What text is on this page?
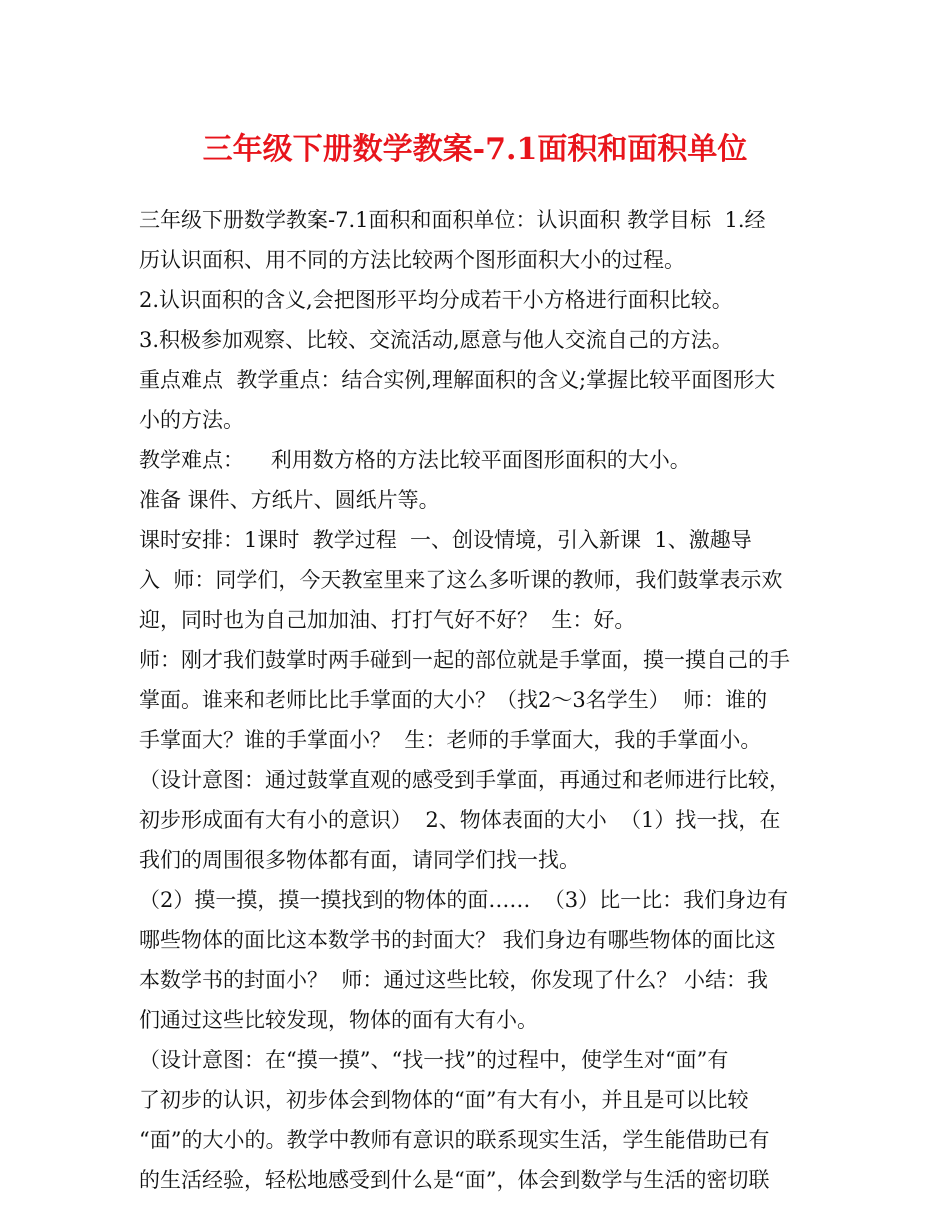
三年级下册数学教案-7.1面积和面积单位
三年级下册数学教案-7.1面积和面积单位：认识面积 教学目标  1.经
历认识面积、用不同的方法比较两个图形面积大小的过程。
2.认识面积的含义,会把图形平均分成若干小方格进行面积比较。
3.积极参加观察、比较、交流活动,愿意与他人交流自己的方法。
重点难点  教学重点：结合实例,理解面积的含义;掌握比较平面图形大
小的方法。
教学难点：    利用数方格的方法比较平面图形面积的大小。
准备 课件、方纸片、圆纸片等。
课时安排：1课时  教学过程  一、创设情境，引入新课  1、激趣导
入  师：同学们，今天教室里来了这么多听课的教师，我们鼓掌表示欢
迎，同时也为自己加加油、打打气好不好？  生：好。
师：刚才我们鼓掌时两手碰到一起的部位就是手掌面，摸一摸自己的手
掌面。谁来和老师比比手掌面的大小？（找2～3名学生）  师：谁的
手掌面大？谁的手掌面小？  生：老师的手掌面大，我的手掌面小。
（设计意图：通过鼓掌直观的感受到手掌面，再通过和老师进行比较，
初步形成面有大有小的意识）  2、物体表面的大小  （1）找一找，在
我们的周围很多物体都有面，请同学们找一找。
（2）摸一摸，摸一摸找到的物体的面……  （3）比一比：我们身边有
哪些物体的面比这本数学书的封面大？ 我们身边有哪些物体的面比这
本数学书的封面小？  师：通过这些比较，你发现了什么？ 小结：我
们通过这些比较发现，物体的面有大有小。
（设计意图：在“摸一摸”、“找一找”的过程中，使学生对“面”有
了初步的认识，初步体会到物体的“面”有大有小，并且是可以比较
“面”的大小的。教学中教师有意识的联系现实生活，学生能借助已有
的生活经验，轻松地感受到什么是“面”，体会到数学与生活的密切联
